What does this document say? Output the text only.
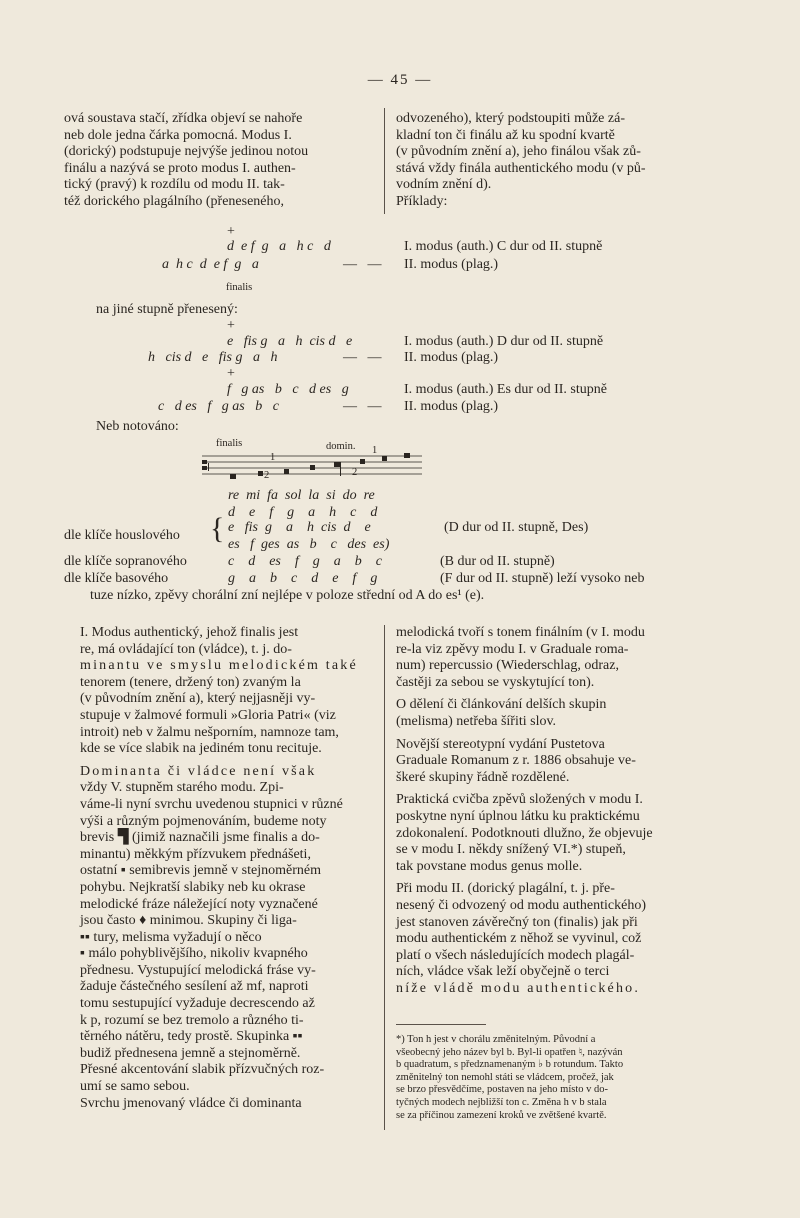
— 45 —

ová soustava stačí, zřídka objeví se nahoře

neb dole jedna čárka pomocná. Modus I.

(dorický) podstupuje nejvýše jedinou notou

finálu a nazývá se proto modus I. authen-

tický (pravý) k rozdílu od modu II. tak-

též dorického plagálního (přeneseného,

odvozeného), který podstoupiti může zá-

kladní ton či finálu až ku spodní kvartě

(v původním znění a), jeho finálou však zů-

stává vždy finála authentického modu (v pů-

vodním znění d).

Příklady:

+
d  e f  g   a   h c   d	I. modus (auth.) C dur od II. stupně
a  h c  d  e f  g   a	—   — II. modus (plag.)
finalis
na jiné stupně přenesený:
+
e   fis g   a   h  cis d   e	I. modus (auth.) D dur od II. stupně
h   cis d   e   fis g   a   h	—   — II. modus (plag.)
+
f   g as   b   c   d es   g	I. modus (auth.) Es dur od II. stupně
c   d es   f   g as   b   c	—   — II. modus (plag.)
Neb notováno:
finalis	domin.
1
2
1
2
re  mi  fa  sol  la  si  do  re
d    e    f    g    a    h    c    d
dle klíče houslového { e   fis  g    a    h  cis  d    e	(D dur od II. stupně, Des)
es   f  ges  as   b    c   des  es)
dle klíče sopranového	c    d    es    f    g    a    b    c	(B dur od II. stupně)
dle klíče basového	g    a    b    c    d    e    f    g	(F dur od II. stupně) leží vysoko neb
tuze nízko, zpěvy chorální zní nejlépe v poloze střední od A do es¹ (e).

I. Modus authentický, jehož finalis jest

re, má ovládající ton (vládce), t. j. do-

minantu ve smyslu melodickém také

tenorem (tenere, držený ton) zvaným la

(v původním znění a), který nejjasněji vy-

stupuje v žalmové formuli »Gloria Patri« (viz

introit) neb v žalmu nešporním, namnoze tam,

kde se více slabik na jediném tonu recituje.

Dominanta či vládce není však

vždy V. stupněm starého modu. Zpi-

váme-li nyní svrchu uvedenou stupnici v různé

výši a různým pojmenováním, budeme noty

brevis ▜ (jimiž naznačili jsme finalis a do-

minantu) měkkým přízvukem přednášeti,

ostatní ▪ semibrevis jemně v stejnoměrném

pohybu. Nejkratší slabiky neb ku okrase

melodické fráze náležející noty vyznačené

jsou často ♦ minimou. Skupiny či liga-

▪▪ tury, melisma vyžadují o něco

▪ málo pohyblivějšího, nikoliv kvapného

přednesu. Vystupující melodická fráse vy-

žaduje částečného sesílení až mf, naproti

tomu sestupující vyžaduje decrescendo až

k p, rozumí se bez tremolo a různého ti-

těrného nátěru, tedy prostě. Skupinka ▪▪

budiž přednesena jemně a stejnoměrně.

Přesné akcentování slabik přízvučných roz-

umí se samo sebou.

Svrchu jmenovaný vládce či dominanta

melodická tvoří s tonem finálním (v I. modu

re-la viz zpěvy modu I. v Graduale roma-

num) repercussio (Wiederschlag, odraz,

častěji za sebou se vyskytující ton).

O dělení či článkování delších skupin

(melisma) netřeba šířiti slov.

Novější stereotypní vydání Pustetova

Graduale Romanum z r. 1886 obsahuje ve-

škeré skupiny řádně rozdělené.

Praktická cvičba zpěvů složených v modu I.

poskytne nyní úplnou látku ku praktickému

zdokonalení. Podotknouti dlužno, že objevuje

se v modu I. někdy snížený VI.*) stupeň,

tak povstane modus genus molle.

Při modu II. (dorický plagální, t. j. pře-

nesený či odvozený od modu authentického)

jest stanoven závěrečný ton (finalis) jak při

modu authentickém z něhož se vyvinul, což

platí o všech následujících modech plagál-

ních, vládce však leží obyčejně o terci

níže vládě modu authentického.

*) Ton h jest v chorálu změnitelným. Původní a
všeobecný jeho název byl b. Byl-li opatřen ♮, nazýván
b quadratum, s předznamenaným ♭ b rotundum. Takto
změnitelný ton nemohl státi se vládcem, pročež, jak
se brzo přesvědčíme, postaven na jeho místo v do-
tyčných modech nejbližší ton c. Změna h v b stala
se za příčinou zamezení kroků ve zvětšené kvartě.
